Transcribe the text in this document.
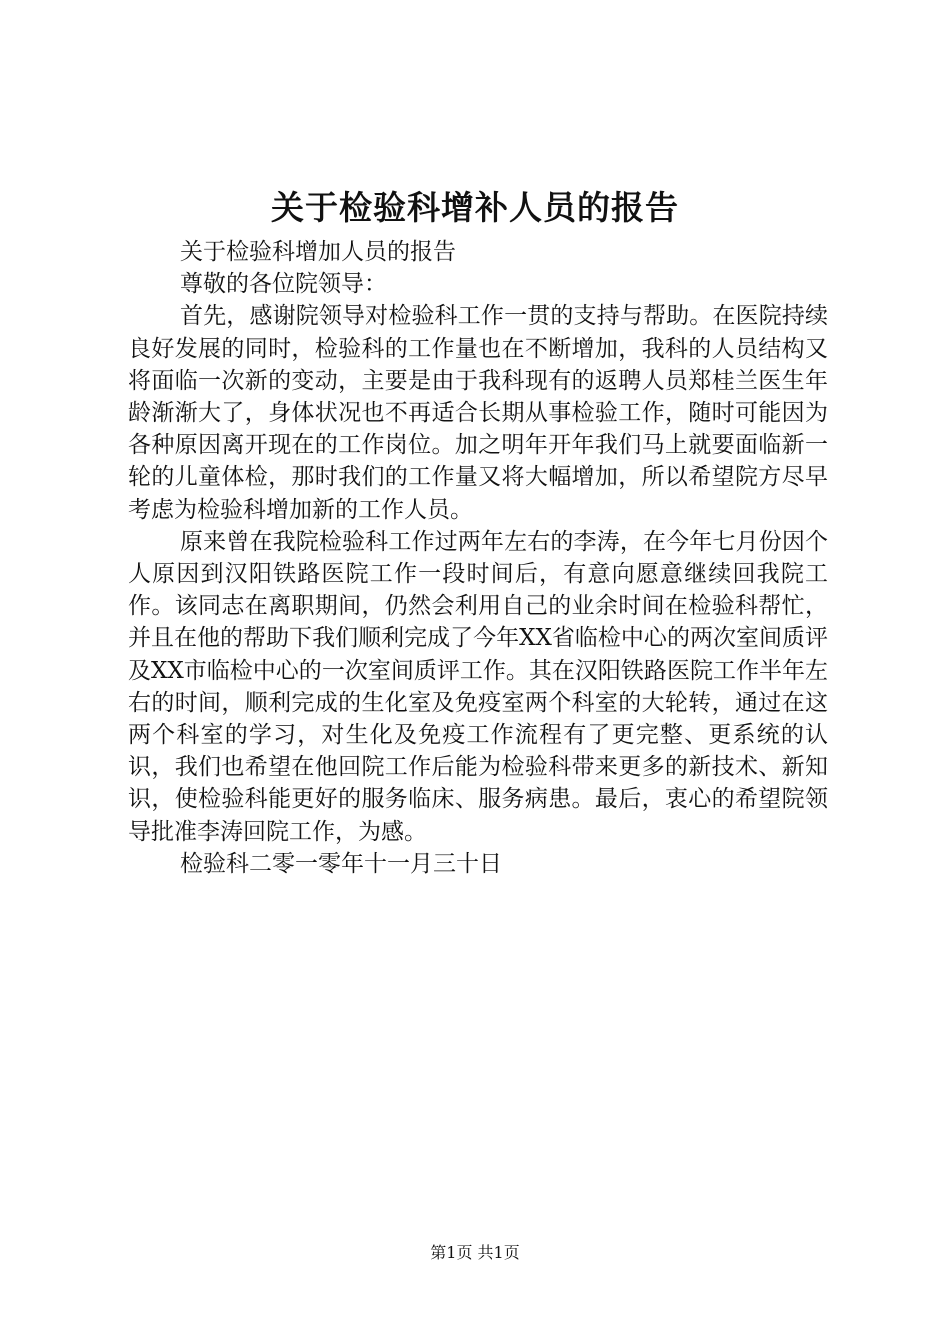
关于检验科增补人员的报告

关于检验科增加人员的报告

尊敬的各位院领导：

首先，感谢院领导对检验科工作一贯的支持与帮助。在医院持续良好发展的同时，检验科的工作量也在不断增加，我科的人员结构又将面临一次新的变动，主要是由于我科现有的返聘人员郑桂兰医生年龄渐渐大了，身体状况也不再适合长期从事检验工作，随时可能因为各种原因离开现在的工作岗位。加之明年开年我们马上就要面临新一轮的儿童体检，那时我们的工作量又将大幅增加，所以希望院方尽早考虑为检验科增加新的工作人员。

原来曾在我院检验科工作过两年左右的李涛，在今年七月份因个人原因到汉阳铁路医院工作一段时间后，有意向愿意继续回我院工作。该同志在离职期间，仍然会利用自己的业余时间在检验科帮忙，并且在他的帮助下我们顺利完成了今年XX省临检中心的两次室间质评及XX市临检中心的一次室间质评工作。其在汉阳铁路医院工作半年左右的时间，顺利完成的生化室及免疫室两个科室的大轮转，通过在这两个科室的学习，对生化及免疫工作流程有了更完整、更系统的认识，我们也希望在他回院工作后能为检验科带来更多的新技术、新知识，使检验科能更好的服务临床、服务病患。最后，衷心的希望院领导批准李涛回院工作，为感。

检验科二零一零年十一月三十日

第1页 共1页
